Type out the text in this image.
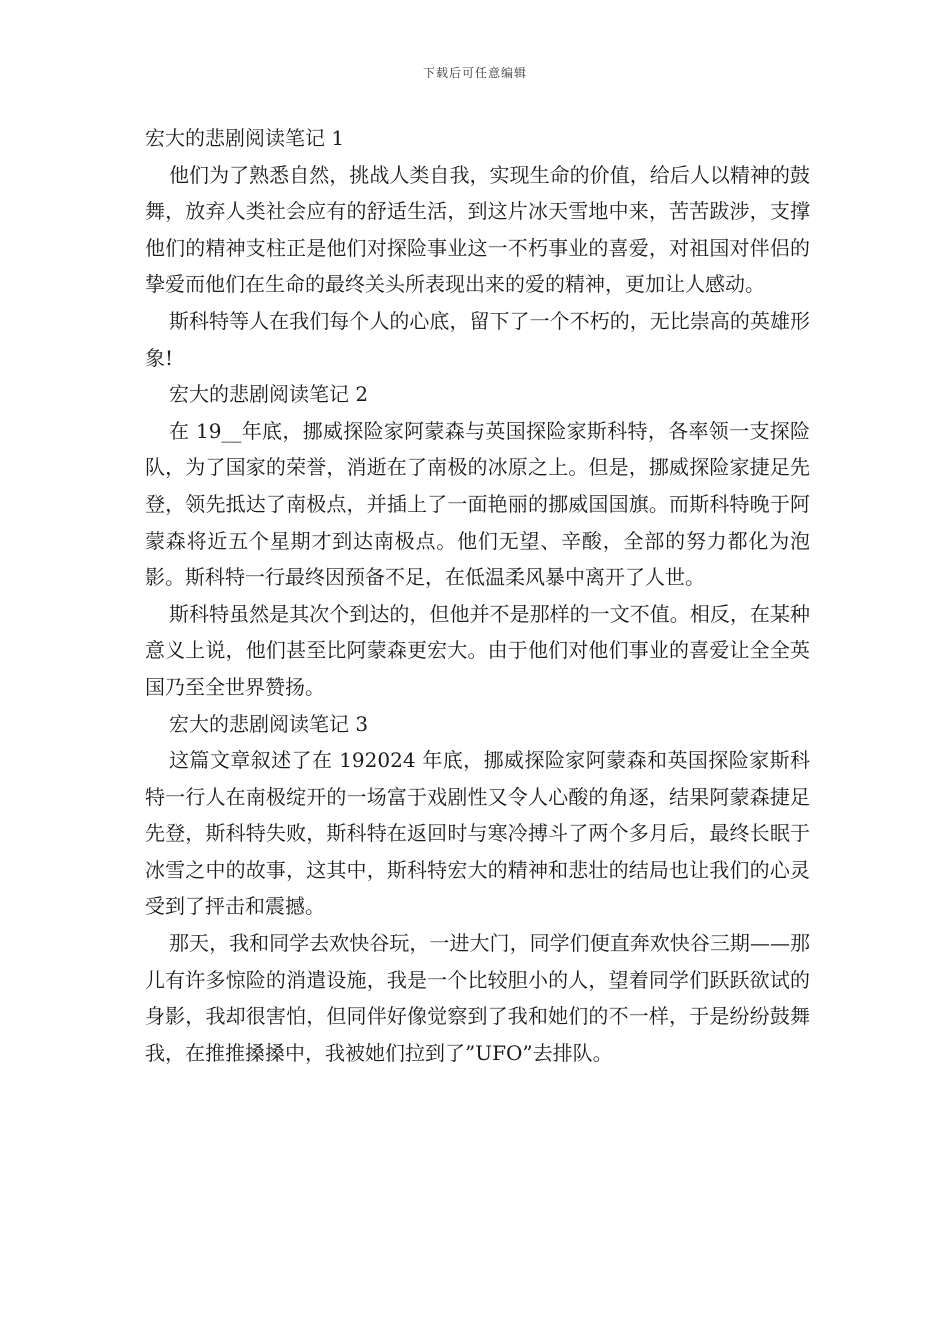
下载后可任意编辑

宏大的悲剧阅读笔记 1

他们为了熟悉自然，挑战人类自我，实现生命的价值，给后人以精神的鼓舞，放弃人类社会应有的舒适生活，到这片冰天雪地中来，苦苦跋涉，支撑他们的精神支柱正是他们对探险事业这一不朽事业的喜爱，对祖国对伴侣的挚爱而他们在生命的最终关头所表现出来的爱的精神，更加让人感动。

斯科特等人在我们每个人的心底，留下了一个不朽的，无比崇高的英雄形象!

宏大的悲剧阅读笔记 2

在 19__年底，挪威探险家阿蒙森与英国探险家斯科特，各率领一支探险队，为了国家的荣誉，消逝在了南极的冰原之上。但是，挪威探险家捷足先登，领先抵达了南极点，并插上了一面艳丽的挪威国国旗。而斯科特晚于阿蒙森将近五个星期才到达南极点。他们无望、辛酸，全部的努力都化为泡影。斯科特一行最终因预备不足，在低温柔风暴中离开了人世。

斯科特虽然是其次个到达的，但他并不是那样的一文不值。相反，在某种意义上说，他们甚至比阿蒙森更宏大。由于他们对他们事业的喜爱让全全英国乃至全世界赞扬。

宏大的悲剧阅读笔记 3

这篇文章叙述了在 192024 年底，挪威探险家阿蒙森和英国探险家斯科特一行人在南极绽开的一场富于戏剧性又令人心酸的角逐，结果阿蒙森捷足先登，斯科特失败，斯科特在返回时与寒冷搏斗了两个多月后，最终长眠于冰雪之中的故事，这其中，斯科特宏大的精神和悲壮的结局也让我们的心灵受到了抨击和震撼。

那天，我和同学去欢快谷玩，一进大门，同学们便直奔欢快谷三期——那儿有许多惊险的消遣设施，我是一个比较胆小的人，望着同学们跃跃欲试的身影，我却很害怕，但同伴好像觉察到了我和她们的不一样，于是纷纷鼓舞我，在推推搡搡中，我被她们拉到了”UFO”去排队。
